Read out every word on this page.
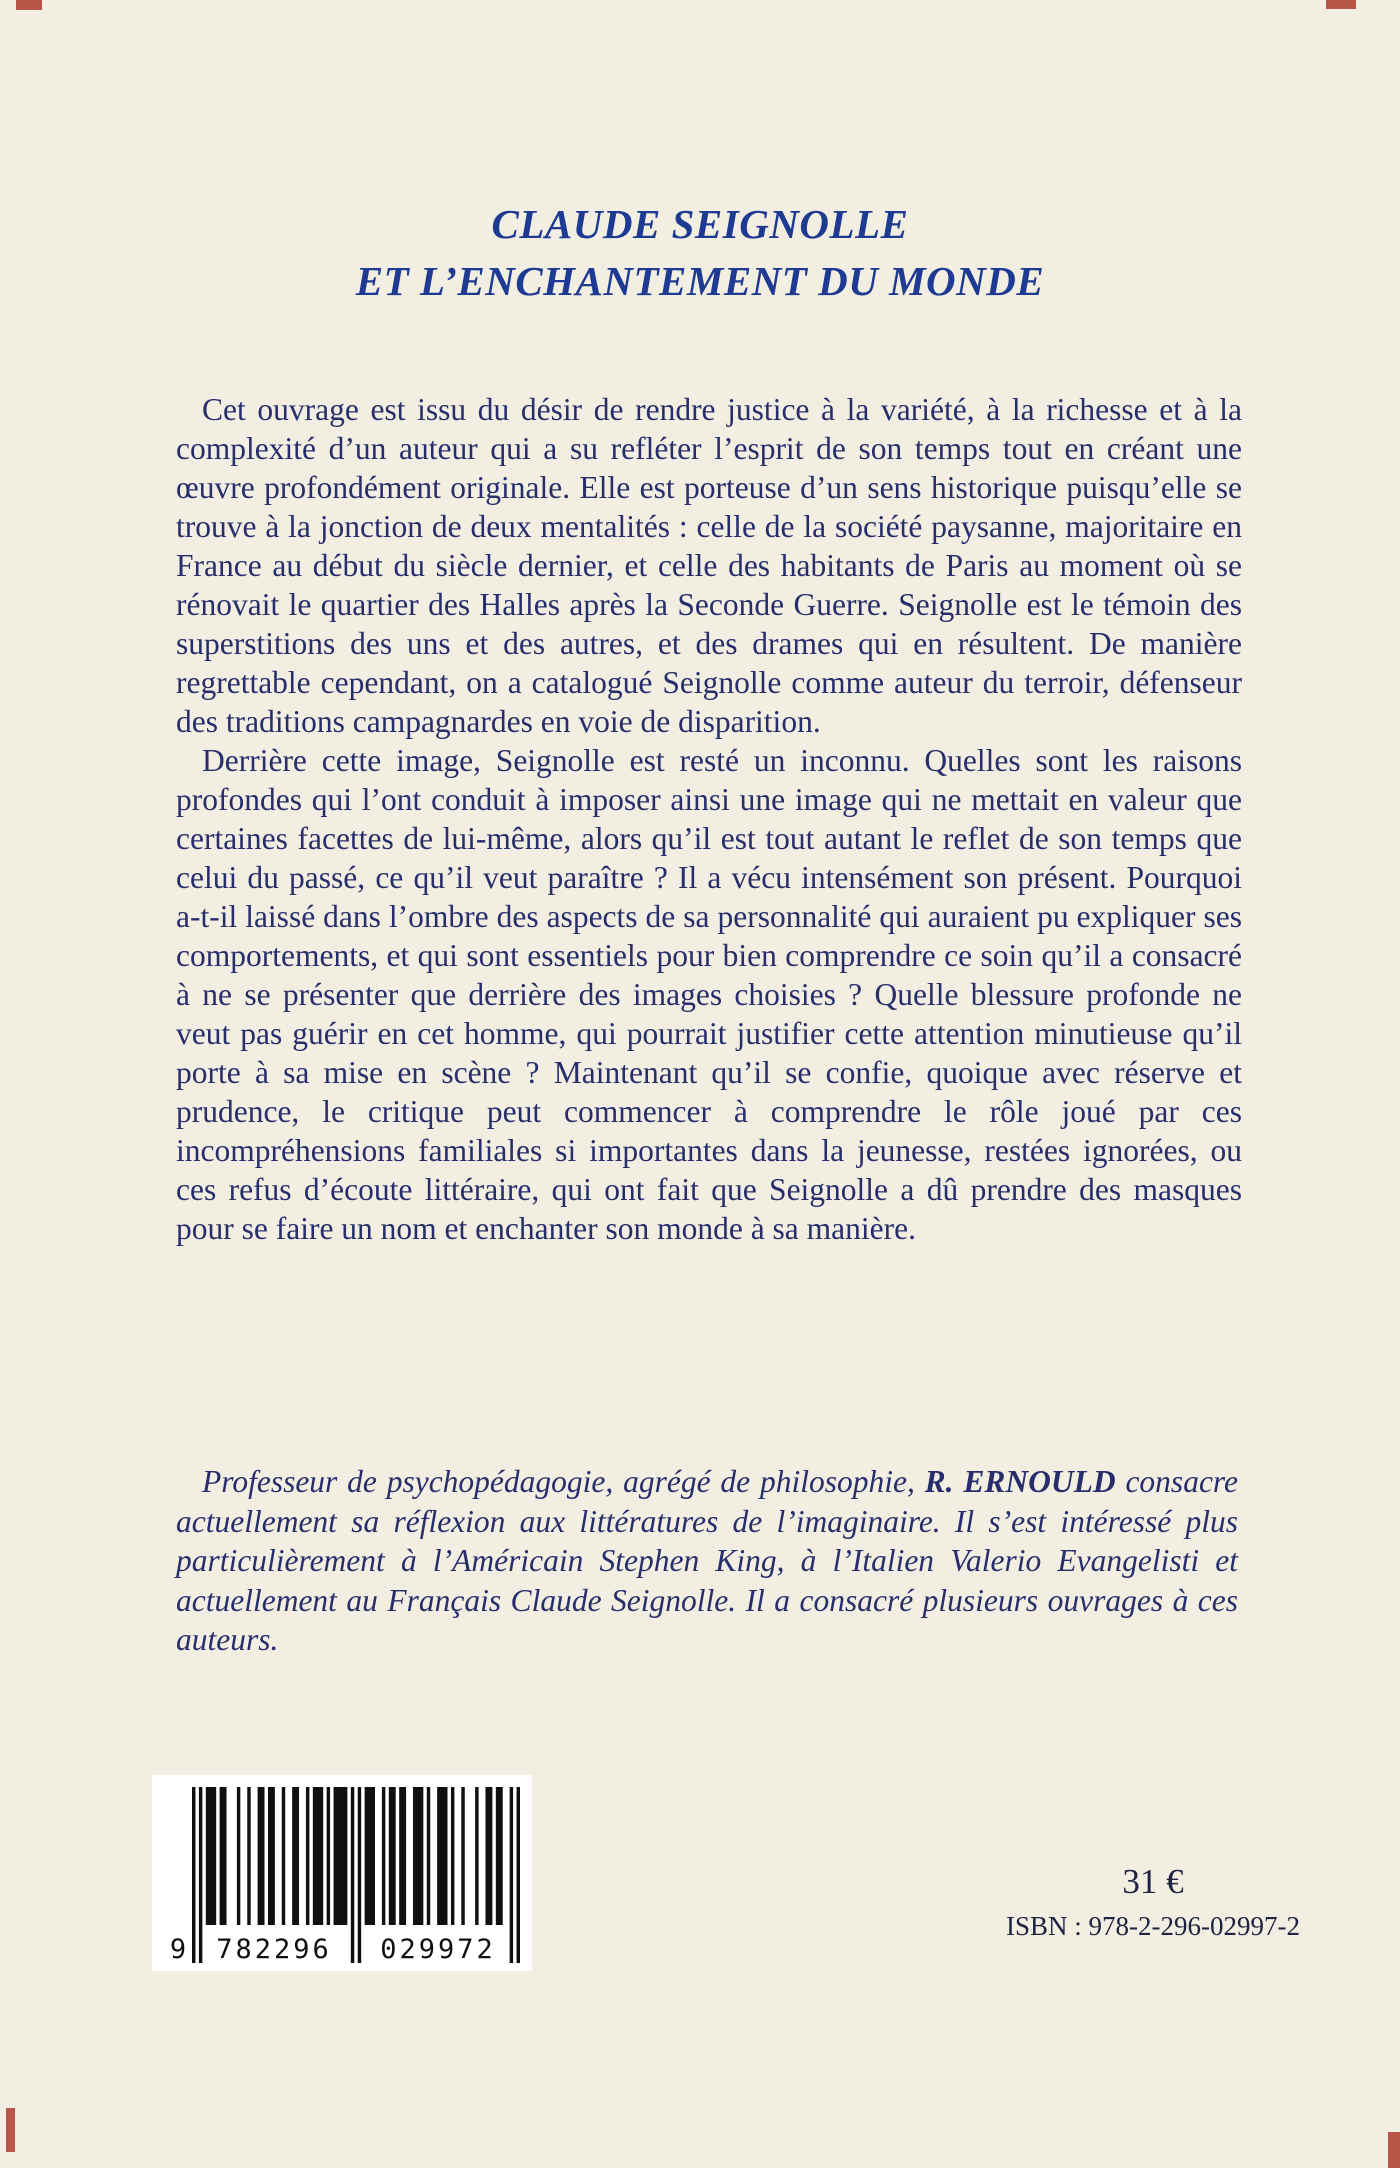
CLAUDE SEIGNOLLE
ET L’ENCHANTEMENT DU MONDE

Cet ouvrage est issu du désir de rendre justice à la variété, à la richesse et à la complexité d’un auteur qui a su refléter l’esprit de son temps tout en créant une œuvre profondément originale. Elle est porteuse d’un sens historique puisqu’elle se trouve à la jonction de deux mentalités : celle de la société paysanne, majoritaire en France au début du siècle dernier, et celle des habitants de Paris au moment où se rénovait le quartier des Halles après la Seconde Guerre. Seignolle est le témoin des superstitions des uns et des autres, et des drames qui en résultent. De manière regrettable cependant, on a catalogué Seignolle comme auteur du terroir, défenseur des traditions campagnardes en voie de disparition.

Derrière cette image, Seignolle est resté un inconnu. Quelles sont les raisons profondes qui l’ont conduit à imposer ainsi une image qui ne mettait en valeur que certaines facettes de lui-même, alors qu’il est tout autant le reflet de son temps que celui du passé, ce qu’il veut paraître ? Il a vécu intensément son présent. Pourquoi a-t-il laissé dans l’ombre des aspects de sa personnalité qui auraient pu expliquer ses comportements, et qui sont essentiels pour bien comprendre ce soin qu’il a consacré à ne se présenter que derrière des images choisies ? Quelle blessure profonde ne veut pas guérir en cet homme, qui pourrait justifier cette attention minutieuse qu’il porte à sa mise en scène ? Maintenant qu’il se confie, quoique avec réserve et prudence, le critique peut commencer à comprendre le rôle joué par ces incompréhensions familiales si importantes dans la jeunesse, restées ignorées, ou ces refus d’écoute littéraire, qui ont fait que Seignolle a dû prendre des masques pour se faire un nom et enchanter son monde à sa manière.

Professeur de psychopédagogie, agrégé de philosophie, R. ERNOULD consacre actuellement sa réflexion aux littératures de l’imaginaire. Il s’est intéressé plus particulièrement à l’Américain Stephen King, à l’Italien Valerio Evangelisti et actuellement au Français Claude Seignolle. Il a consacré plusieurs ouvrages à ces auteurs.

9	782296	029972
31 €
ISBN : 978-2-296-02997-2
